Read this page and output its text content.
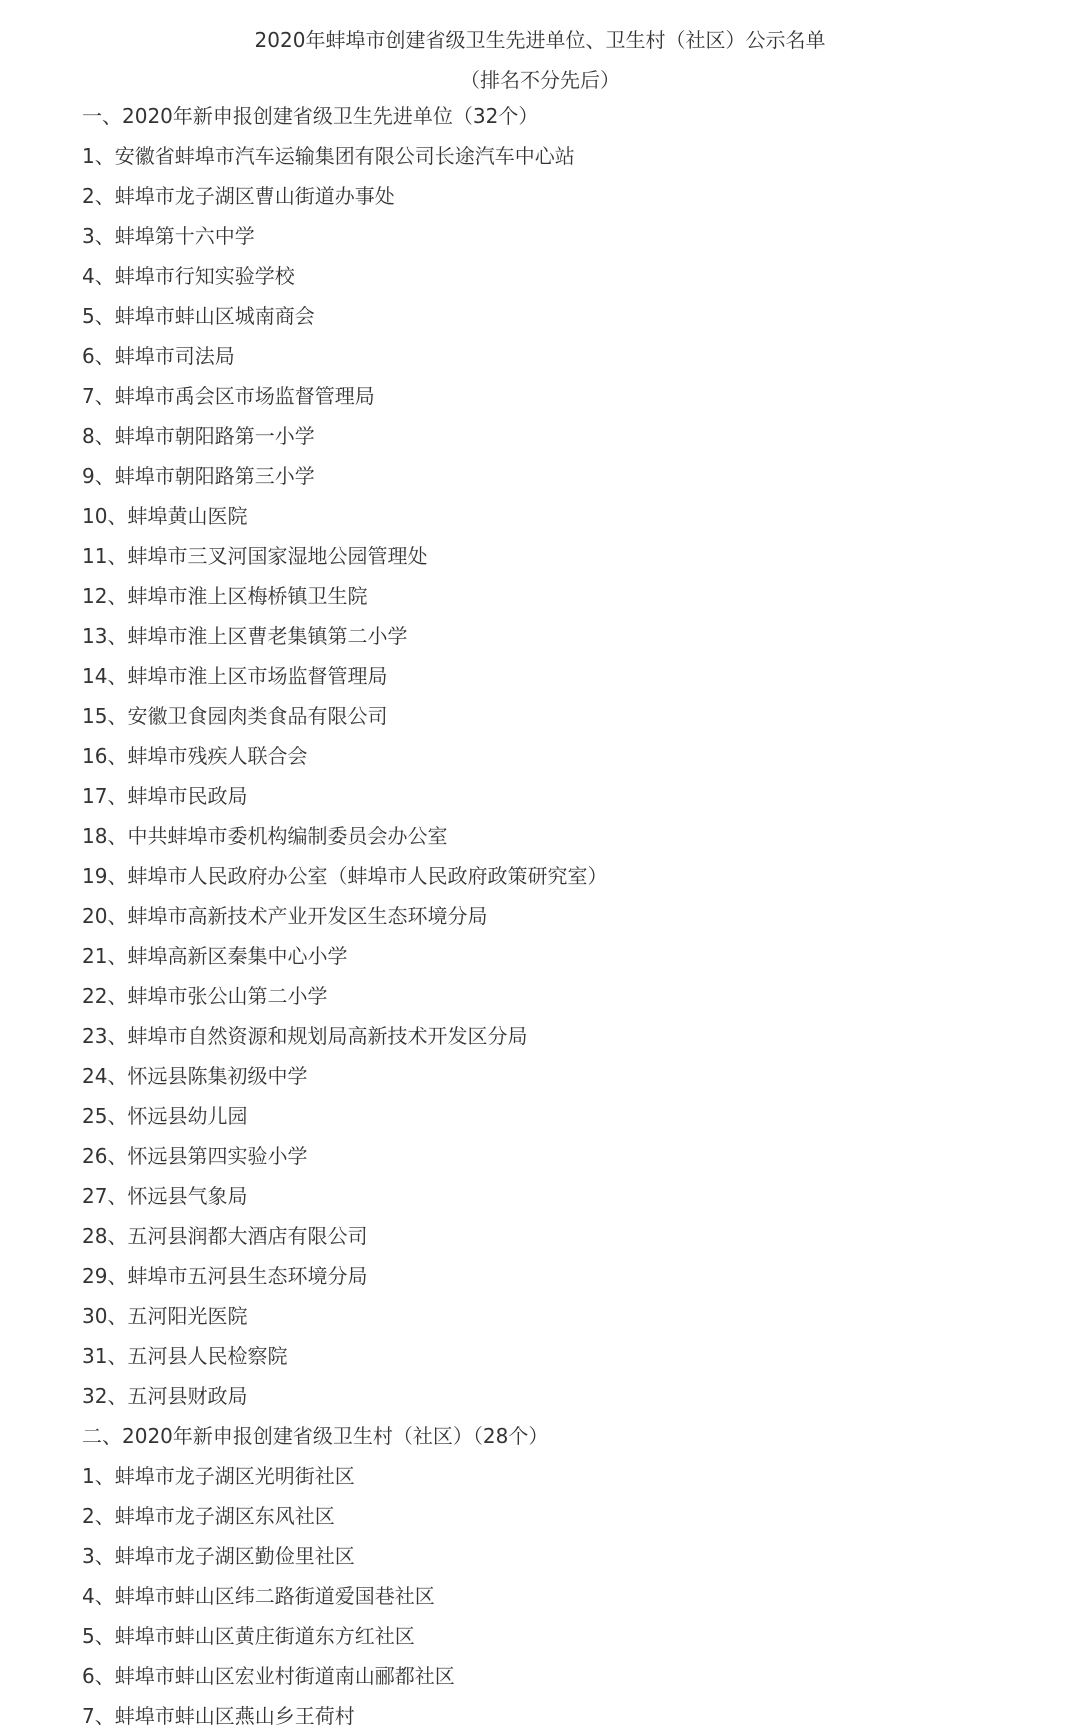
2020年蚌埠市创建省级卫生先进单位、卫生村（社区）公示名单
（排名不分先后）
一、2020年新申报创建省级卫生先进单位（32个）
1、安徽省蚌埠市汽车运输集团有限公司长途汽车中心站
2、蚌埠市龙子湖区曹山街道办事处
3、蚌埠第十六中学
4、蚌埠市行知实验学校
5、蚌埠市蚌山区城南商会
6、蚌埠市司法局
7、蚌埠市禹会区市场监督管理局
8、蚌埠市朝阳路第一小学
9、蚌埠市朝阳路第三小学
10、蚌埠黄山医院
11、蚌埠市三叉河国家湿地公园管理处
12、蚌埠市淮上区梅桥镇卫生院
13、蚌埠市淮上区曹老集镇第二小学
14、蚌埠市淮上区市场监督管理局
15、安徽卫食园肉类食品有限公司
16、蚌埠市残疾人联合会
17、蚌埠市民政局
18、中共蚌埠市委机构编制委员会办公室
19、蚌埠市人民政府办公室（蚌埠市人民政府政策研究室）
20、蚌埠市高新技术产业开发区生态环境分局
21、蚌埠高新区秦集中心小学
22、蚌埠市张公山第二小学
23、蚌埠市自然资源和规划局高新技术开发区分局
24、怀远县陈集初级中学
25、怀远县幼儿园
26、怀远县第四实验小学
27、怀远县气象局
28、五河县润都大酒店有限公司
29、蚌埠市五河县生态环境分局
30、五河阳光医院
31、五河县人民检察院
32、五河县财政局
二、2020年新申报创建省级卫生村（社区）（28个）
1、蚌埠市龙子湖区光明街社区
2、蚌埠市龙子湖区东风社区
3、蚌埠市龙子湖区勤俭里社区
4、蚌埠市蚌山区纬二路街道爱国巷社区
5、蚌埠市蚌山区黄庄街道东方红社区
6、蚌埠市蚌山区宏业村街道南山郦都社区
7、蚌埠市蚌山区燕山乡王荷村
